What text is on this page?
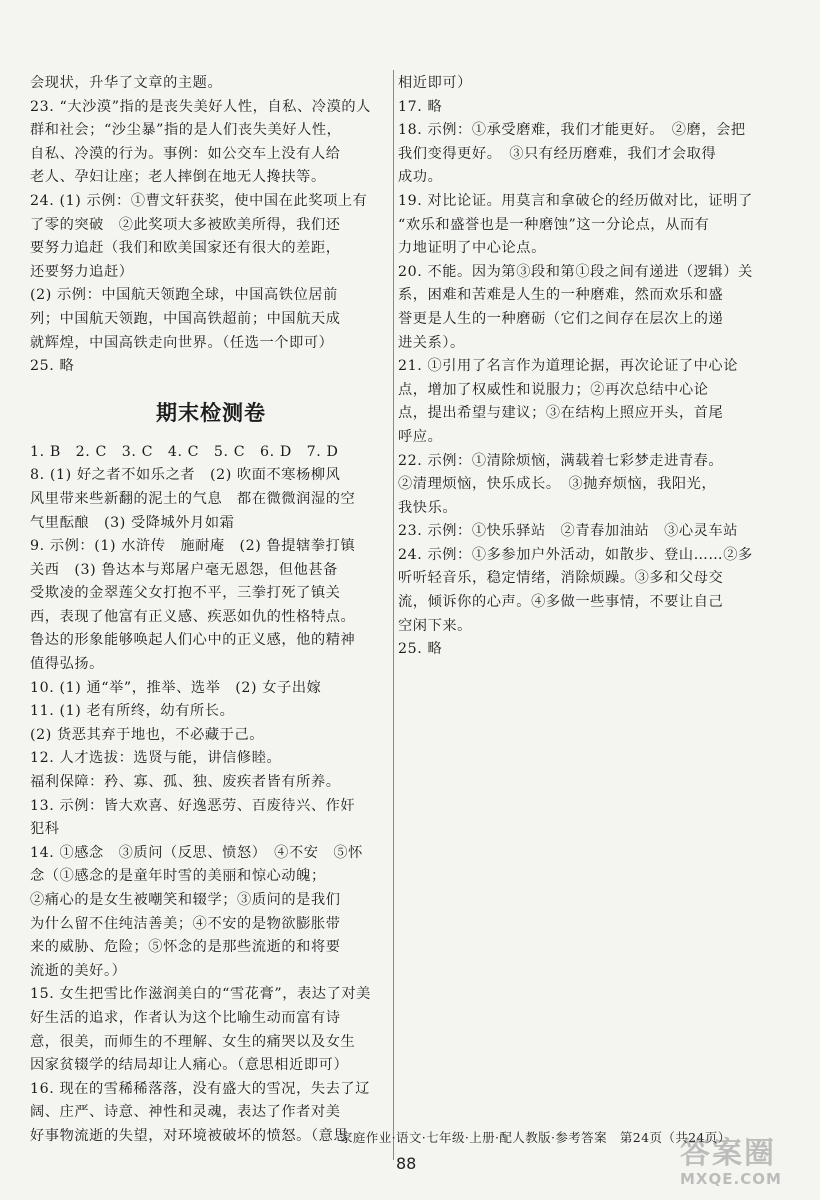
会现状，升华了文章的主题。
23. “大沙漠”指的是丧失美好人性，自私、冷漠的人
群和社会；“沙尘暴”指的是人们丧失美好人性，
自私、冷漠的行为。事例：如公交车上没有人给
老人、孕妇让座；老人摔倒在地无人搀扶等。
24. (1) 示例：①曹文轩获奖，使中国在此奖项上有
了零的突破　②此奖项大多被欧美所得，我们还
要努力追赶（我们和欧美国家还有很大的差距，
还要努力追赶）
(2) 示例：中国航天领跑全球，中国高铁位居前
列；中国航天领跑，中国高铁超前；中国航天成
就辉煌，中国高铁走向世界。（任选一个即可）
25. 略
期末检测卷
1. B　2. C　3. C　4. C　5. C　6. D　7. D
8. (1) 好之者不如乐之者　(2) 吹面不寒杨柳风
风里带来些新翻的泥土的气息　都在微微润湿的空
气里酝酿　(3) 受降城外月如霜
9. 示例：(1) 水浒传　施耐庵　(2) 鲁提辖拳打镇
关西　(3) 鲁达本与郑屠户毫无恩怨，但他甚备
受欺凌的金翠莲父女打抱不平，三拳打死了镇关
西，表现了他富有正义感、疾恶如仇的性格特点。
鲁达的形象能够唤起人们心中的正义感，他的精神
值得弘扬。
10. (1) 通“举”，推举、选举　(2) 女子出嫁
11. (1) 老有所终，幼有所长。
(2) 货恶其弃于地也，不必藏于己。
12. 人才选拔：选贤与能，讲信修睦。
福利保障：矜、寡、孤、独、废疾者皆有所养。
13. 示例：皆大欢喜、好逸恶劳、百废待兴、作奸
犯科
14. ①感念　③质问（反思、愤怒）　④不安　⑤怀
念（①感念的是童年时雪的美丽和惊心动魄；
②痛心的是女生被嘲笑和辍学；③质问的是我们
为什么留不住纯洁善美；④不安的是物欲膨胀带
来的威胁、危险；⑤怀念的是那些流逝的和将要
流逝的美好。）
15. 女生把雪比作滋润美白的“雪花膏”，表达了对美
好生活的追求，作者认为这个比喻生动而富有诗
意，很美，而师生的不理解、女生的痛哭以及女生
因家贫辍学的结局却让人痛心。（意思相近即可）
16. 现在的雪稀稀落落，没有盛大的雪况，失去了辽
阔、庄严、诗意、神性和灵魂，表达了作者对美
好事物流逝的失望，对环境被破坏的愤怒。（意思
相近即可）
17. 略
18. 示例：①承受磨难，我们才能更好。　②磨，会把
我们变得更好。　③只有经历磨难，我们才会取得
成功。
19. 对比论证。用莫言和拿破仑的经历做对比，证明了
“欢乐和盛誉也是一种磨蚀”这一分论点，从而有
力地证明了中心论点。
20. 不能。因为第③段和第①段之间有递进（逻辑）关
系，困难和苦难是人生的一种磨难，然而欢乐和盛
誉更是人生的一种磨砺（它们之间存在层次上的递
进关系）。
21. ①引用了名言作为道理论据，再次论证了中心论
点，增加了权威性和说服力；②再次总结中心论
点，提出希望与建议；③在结构上照应开头，首尾
呼应。
22. 示例：①清除烦恼，满载着七彩梦走进青春。
②清理烦恼，快乐成长。　③抛弃烦恼，我阳光，
我快乐。
23. 示例：①快乐驿站　②青春加油站　③心灵车站
24. 示例：①多参加户外活动，如散步、登山……②多
听听轻音乐，稳定情绪，消除烦躁。③多和父母交
流，倾诉你的心声。④多做一些事情，不要让自己
空闲下来。
25. 略
家庭作业·语文·七年级·上册·配人教版·参考答案　第24页（共24页）
88	答案圈
MXQE.COM
